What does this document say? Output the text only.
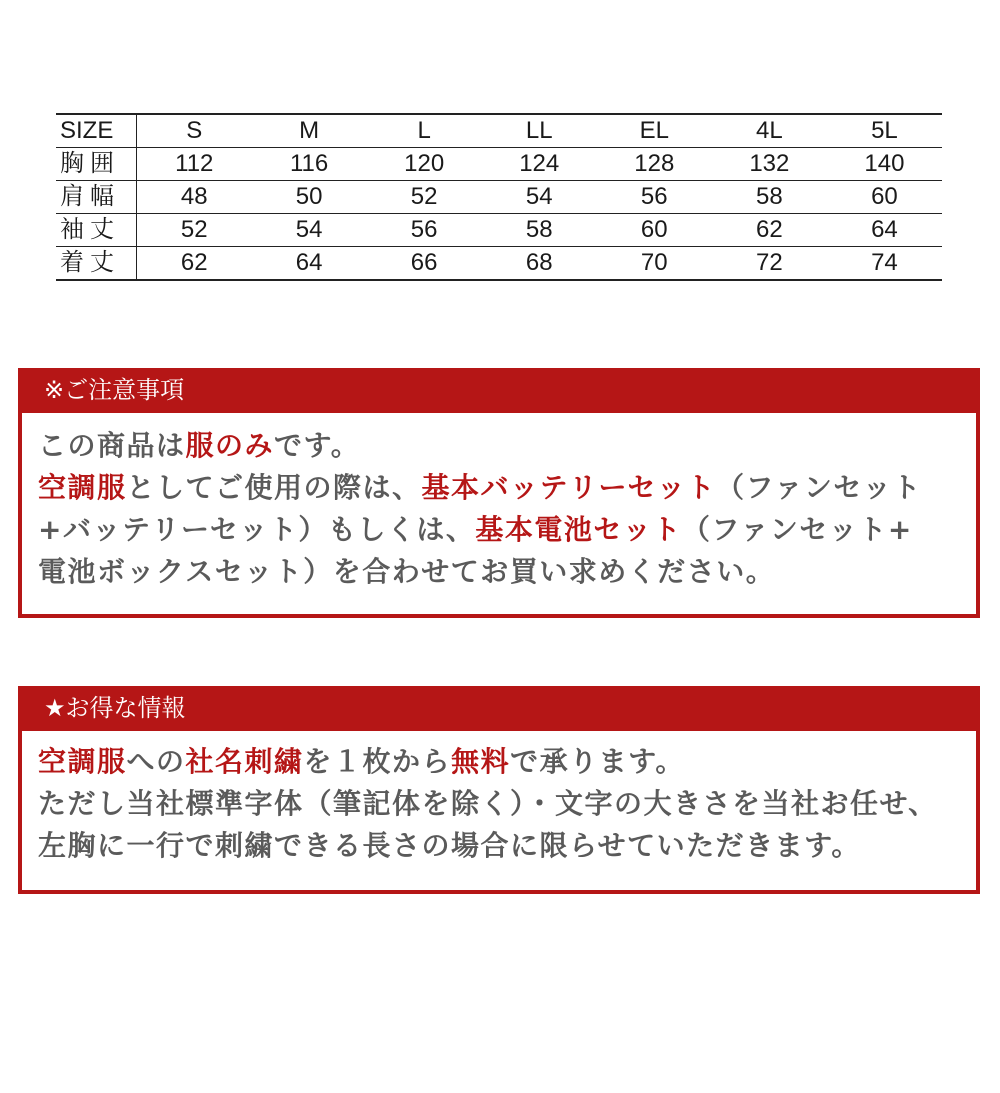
SIZE	S	M	L	LL	EL	4L	5L
胸囲	112	116	120	124	128	132	140
肩幅	48	50	52	54	56	58	60
袖丈	52	54	56	58	60	62	64
着丈	62	64	66	68	70	72	74
※ご注意事項
この商品は服のみです。
空調服としてご使用の際は、基本バッテリーセット（ファンセット
+バッテリーセット）もしくは、基本電池セット（ファンセット+
電池ボックスセット）を合わせてお買い求めください。
★お得な情報
空調服への社名刺繍を１枚から無料で承ります。
ただし当社標準字体（筆記体を除く）・文字の大きさを当社お任せ、
左胸に一行で刺繍できる長さの場合に限らせていただきます。
